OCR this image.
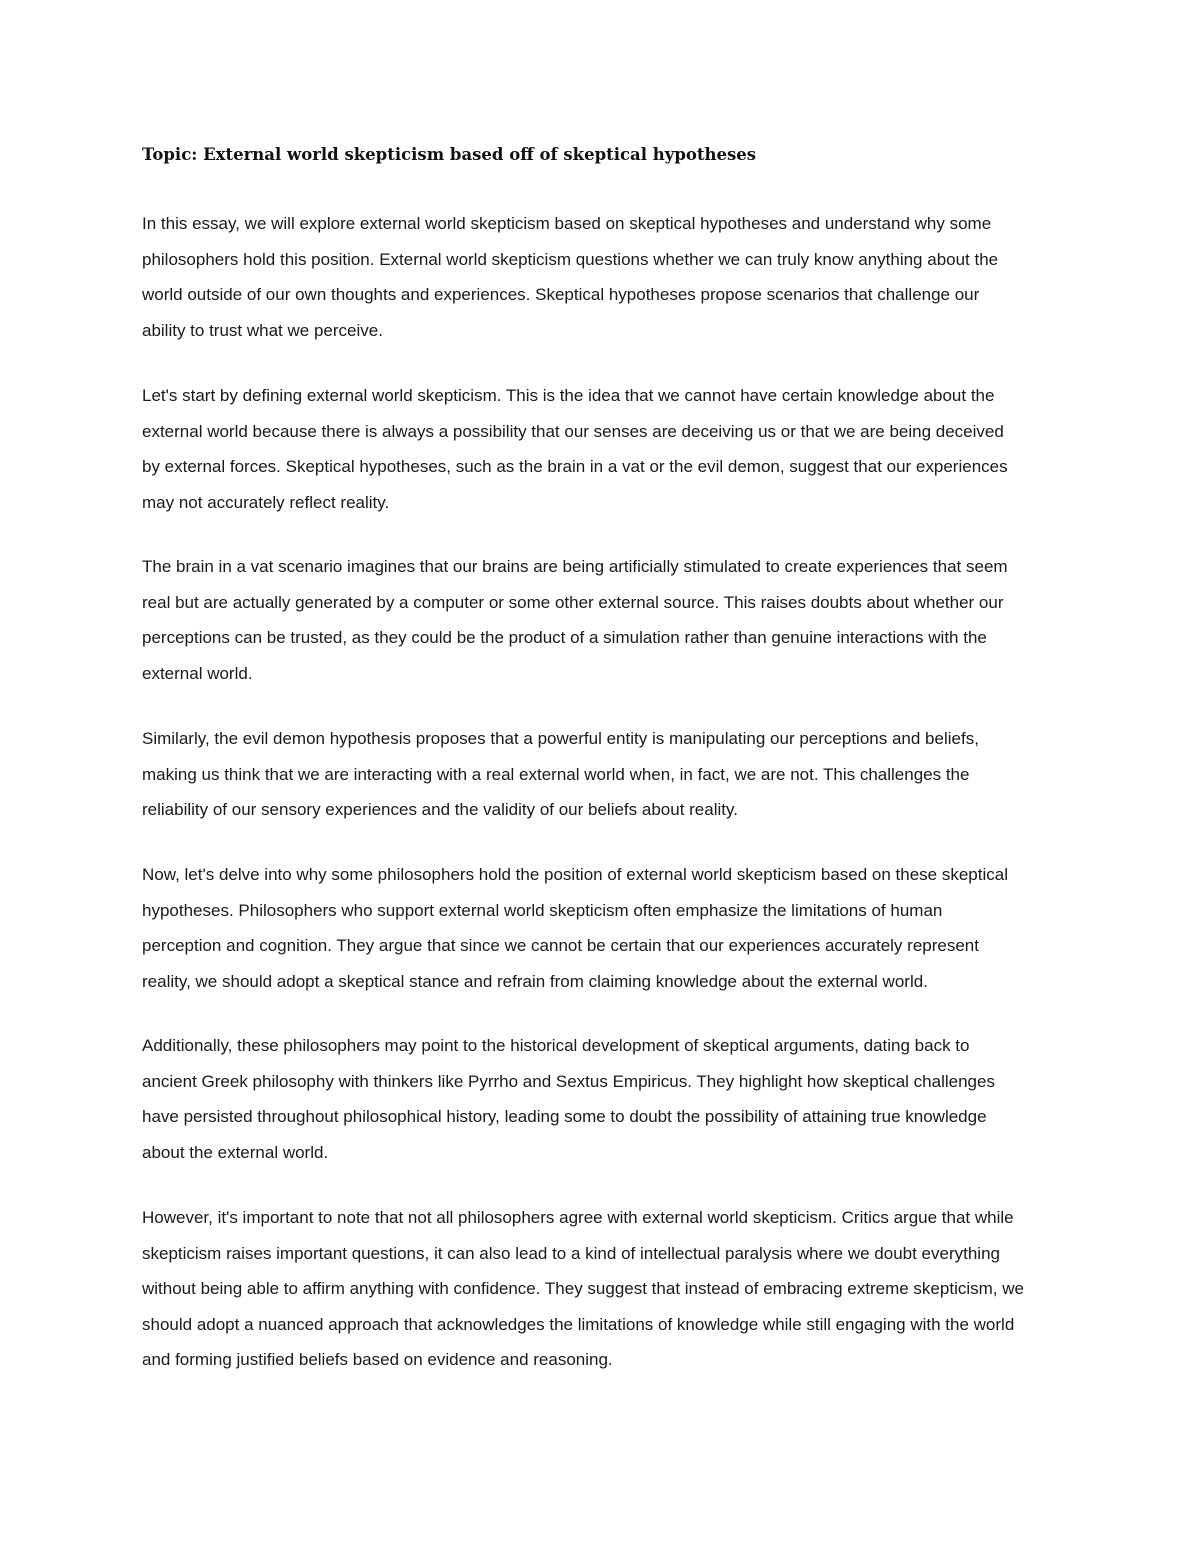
Topic: External world skepticism based off of skeptical hypotheses

In this essay, we will explore external world skepticism based on skeptical hypotheses and understand why some
philosophers hold this position. External world skepticism questions whether we can truly know anything about the
world outside of our own thoughts and experiences. Skeptical hypotheses propose scenarios that challenge our
ability to trust what we perceive.

Let's start by defining external world skepticism. This is the idea that we cannot have certain knowledge about the
external world because there is always a possibility that our senses are deceiving us or that we are being deceived
by external forces. Skeptical hypotheses, such as the brain in a vat or the evil demon, suggest that our experiences
may not accurately reflect reality.

The brain in a vat scenario imagines that our brains are being artificially stimulated to create experiences that seem
real but are actually generated by a computer or some other external source. This raises doubts about whether our
perceptions can be trusted, as they could be the product of a simulation rather than genuine interactions with the
external world.

Similarly, the evil demon hypothesis proposes that a powerful entity is manipulating our perceptions and beliefs,
making us think that we are interacting with a real external world when, in fact, we are not. This challenges the
reliability of our sensory experiences and the validity of our beliefs about reality.

Now, let's delve into why some philosophers hold the position of external world skepticism based on these skeptical
hypotheses. Philosophers who support external world skepticism often emphasize the limitations of human
perception and cognition. They argue that since we cannot be certain that our experiences accurately represent
reality, we should adopt a skeptical stance and refrain from claiming knowledge about the external world.

Additionally, these philosophers may point to the historical development of skeptical arguments, dating back to
ancient Greek philosophy with thinkers like Pyrrho and Sextus Empiricus. They highlight how skeptical challenges
have persisted throughout philosophical history, leading some to doubt the possibility of attaining true knowledge
about the external world.

However, it's important to note that not all philosophers agree with external world skepticism. Critics argue that while
skepticism raises important questions, it can also lead to a kind of intellectual paralysis where we doubt everything
without being able to affirm anything with confidence. They suggest that instead of embracing extreme skepticism, we
should adopt a nuanced approach that acknowledges the limitations of knowledge while still engaging with the world
and forming justified beliefs based on evidence and reasoning.
